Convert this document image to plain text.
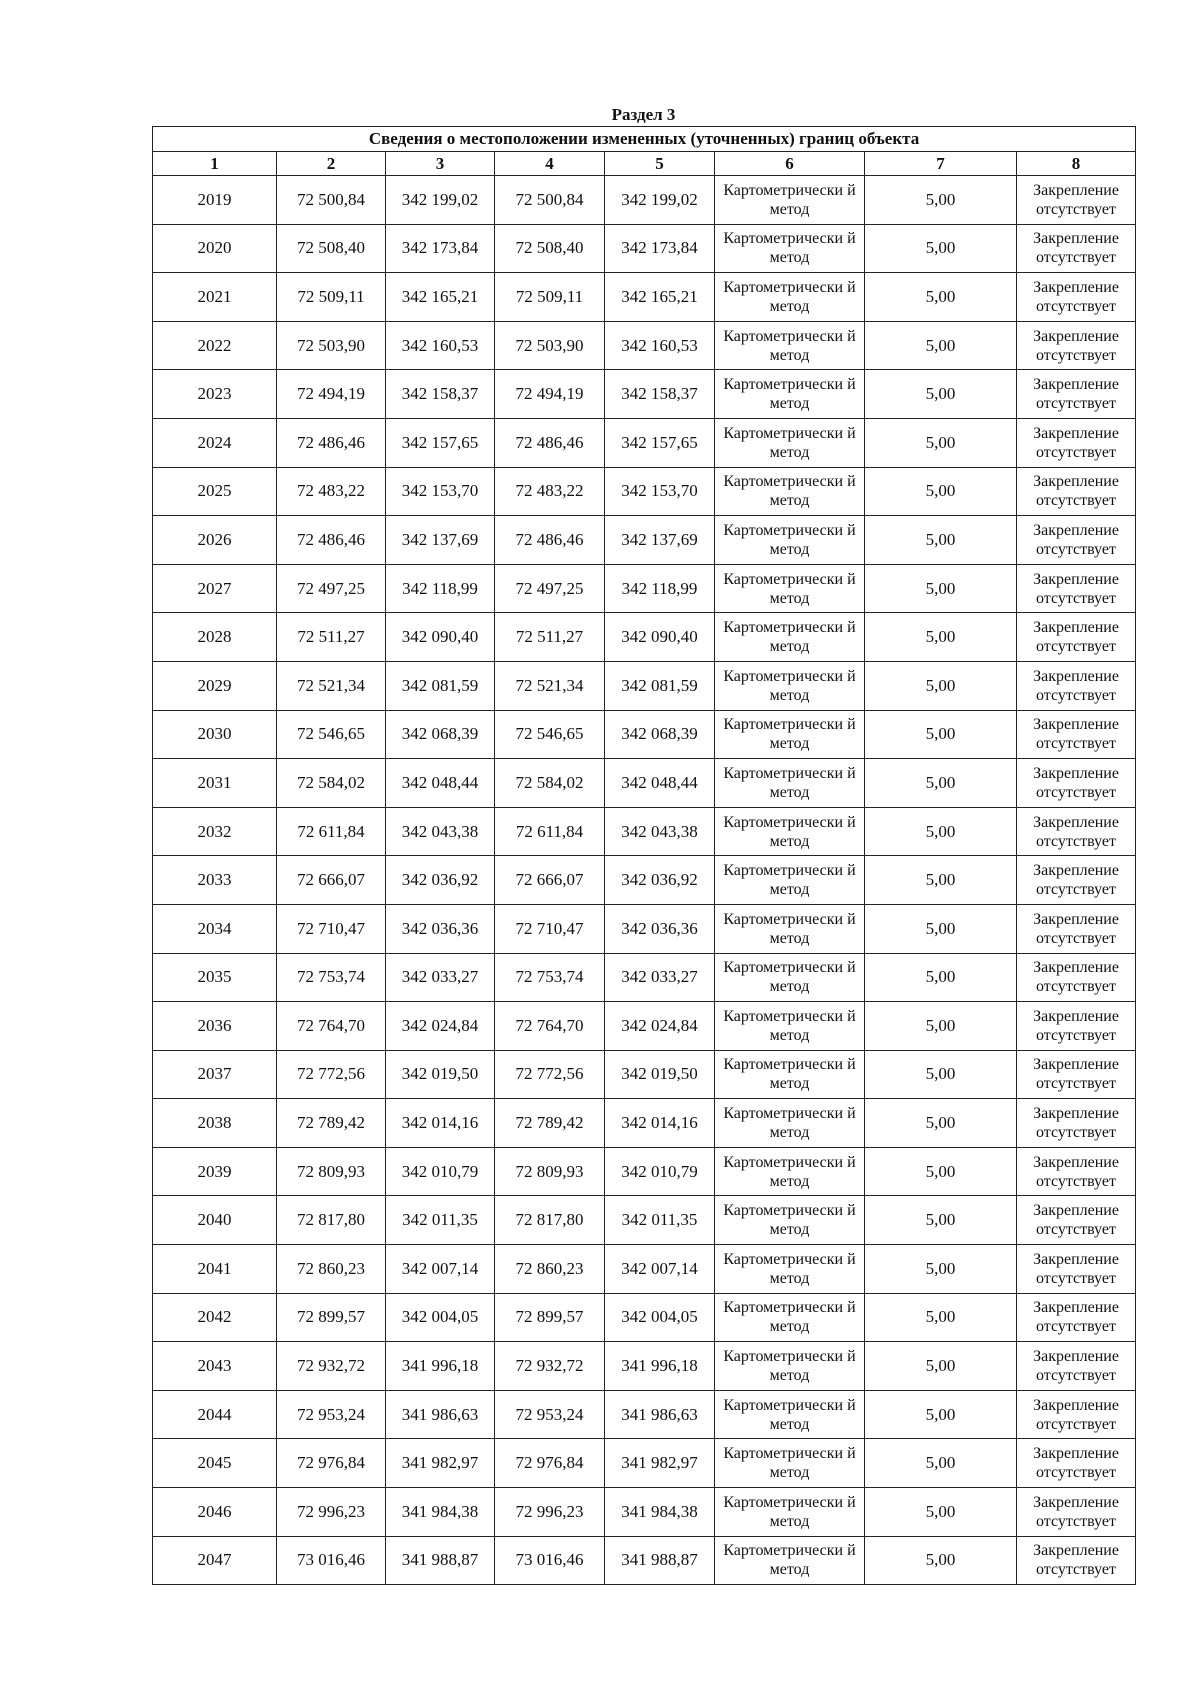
Раздел 3
Сведения о местоположении измененных (уточненных) границ объекта							
1	2	3	4	5	6	7	8
2019	72 500,84	342 199,02	72 500,84	342 199,02	Картометрически й метод	5,00	Закрепление отсутствует
2020	72 508,40	342 173,84	72 508,40	342 173,84	Картометрически й метод	5,00	Закрепление отсутствует
2021	72 509,11	342 165,21	72 509,11	342 165,21	Картометрически й метод	5,00	Закрепление отсутствует
2022	72 503,90	342 160,53	72 503,90	342 160,53	Картометрически й метод	5,00	Закрепление отсутствует
2023	72 494,19	342 158,37	72 494,19	342 158,37	Картометрически й метод	5,00	Закрепление отсутствует
2024	72 486,46	342 157,65	72 486,46	342 157,65	Картометрически й метод	5,00	Закрепление отсутствует
2025	72 483,22	342 153,70	72 483,22	342 153,70	Картометрически й метод	5,00	Закрепление отсутствует
2026	72 486,46	342 137,69	72 486,46	342 137,69	Картометрически й метод	5,00	Закрепление отсутствует
2027	72 497,25	342 118,99	72 497,25	342 118,99	Картометрически й метод	5,00	Закрепление отсутствует
2028	72 511,27	342 090,40	72 511,27	342 090,40	Картометрически й метод	5,00	Закрепление отсутствует
2029	72 521,34	342 081,59	72 521,34	342 081,59	Картометрически й метод	5,00	Закрепление отсутствует
2030	72 546,65	342 068,39	72 546,65	342 068,39	Картометрически й метод	5,00	Закрепление отсутствует
2031	72 584,02	342 048,44	72 584,02	342 048,44	Картометрически й метод	5,00	Закрепление отсутствует
2032	72 611,84	342 043,38	72 611,84	342 043,38	Картометрически й метод	5,00	Закрепление отсутствует
2033	72 666,07	342 036,92	72 666,07	342 036,92	Картометрически й метод	5,00	Закрепление отсутствует
2034	72 710,47	342 036,36	72 710,47	342 036,36	Картометрически й метод	5,00	Закрепление отсутствует
2035	72 753,74	342 033,27	72 753,74	342 033,27	Картометрически й метод	5,00	Закрепление отсутствует
2036	72 764,70	342 024,84	72 764,70	342 024,84	Картометрически й метод	5,00	Закрепление отсутствует
2037	72 772,56	342 019,50	72 772,56	342 019,50	Картометрически й метод	5,00	Закрепление отсутствует
2038	72 789,42	342 014,16	72 789,42	342 014,16	Картометрически й метод	5,00	Закрепление отсутствует
2039	72 809,93	342 010,79	72 809,93	342 010,79	Картометрически й метод	5,00	Закрепление отсутствует
2040	72 817,80	342 011,35	72 817,80	342 011,35	Картометрически й метод	5,00	Закрепление отсутствует
2041	72 860,23	342 007,14	72 860,23	342 007,14	Картометрически й метод	5,00	Закрепление отсутствует
2042	72 899,57	342 004,05	72 899,57	342 004,05	Картометрически й метод	5,00	Закрепление отсутствует
2043	72 932,72	341 996,18	72 932,72	341 996,18	Картометрически й метод	5,00	Закрепление отсутствует
2044	72 953,24	341 986,63	72 953,24	341 986,63	Картометрически й метод	5,00	Закрепление отсутствует
2045	72 976,84	341 982,97	72 976,84	341 982,97	Картометрически й метод	5,00	Закрепление отсутствует
2046	72 996,23	341 984,38	72 996,23	341 984,38	Картометрически й метод	5,00	Закрепление отсутствует
2047	73 016,46	341 988,87	73 016,46	341 988,87	Картометрически й метод	5,00	Закрепление отсутствует
